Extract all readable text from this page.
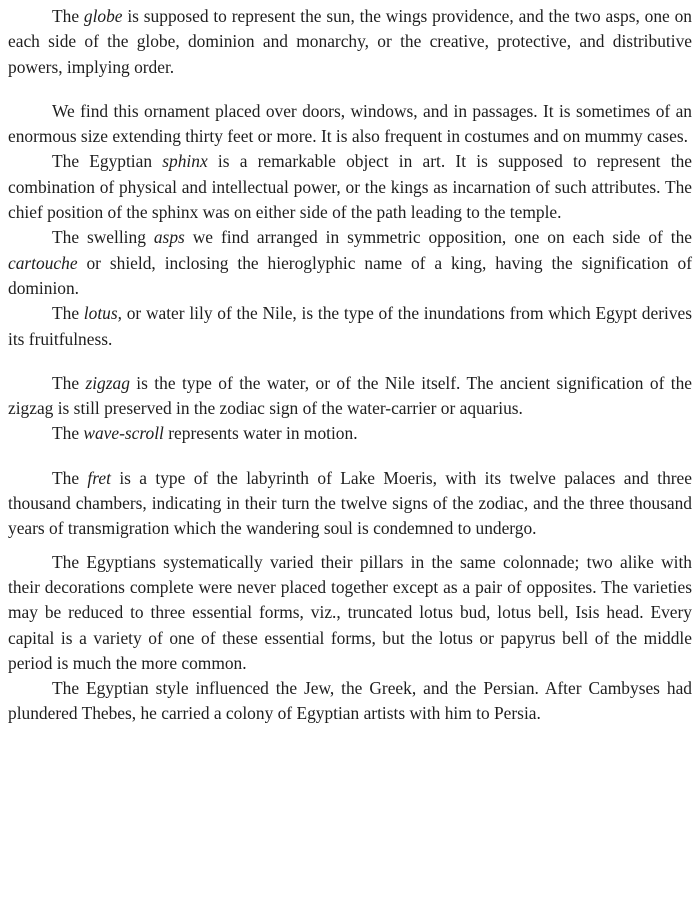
The globe is supposed to represent the sun, the wings providence, and the two asps, one on each side of the globe, dominion and monarchy, or the creative, protective, and distributive powers, implying order.

We find this ornament placed over doors, windows, and in passages. It is sometimes of an enormous size extending thirty feet or more. It is also frequent in costumes and on mummy cases.

The Egyptian sphinx is a remarkable object in art. It is supposed to represent the combination of physical and intellectual power, or the kings as incarnation of such attributes. The chief position of the sphinx was on either side of the path leading to the temple.

The swelling asps we find arranged in symmetric opposition, one on each side of the cartouche or shield, inclosing the hieroglyphic name of a king, having the signification of dominion.

The lotus, or water lily of the Nile, is the type of the inundations from which Egypt derives its fruitfulness.

The zigzag is the type of the water, or of the Nile itself. The ancient signification of the zigzag is still preserved in the zodiac sign of the water-carrier or aquarius.

The wave-scroll represents water in motion.

The fret is a type of the labyrinth of Lake Moeris, with its twelve palaces and three thousand chambers, indicating in their turn the twelve signs of the zodiac, and the three thousand years of transmigration which the wandering soul is condemned to undergo.

The Egyptians systematically varied their pillars in the same colonnade; two alike with their decorations complete were never placed together except as a pair of opposites. The varieties may be reduced to three essential forms, viz., truncated lotus bud, lotus bell, Isis head. Every capital is a variety of one of these essential forms, but the lotus or papyrus bell of the middle period is much the more common.

The Egyptian style influenced the Jew, the Greek, and the Persian. After Cambyses had plundered Thebes, he carried a colony of Egyptian artists with him to Persia.
